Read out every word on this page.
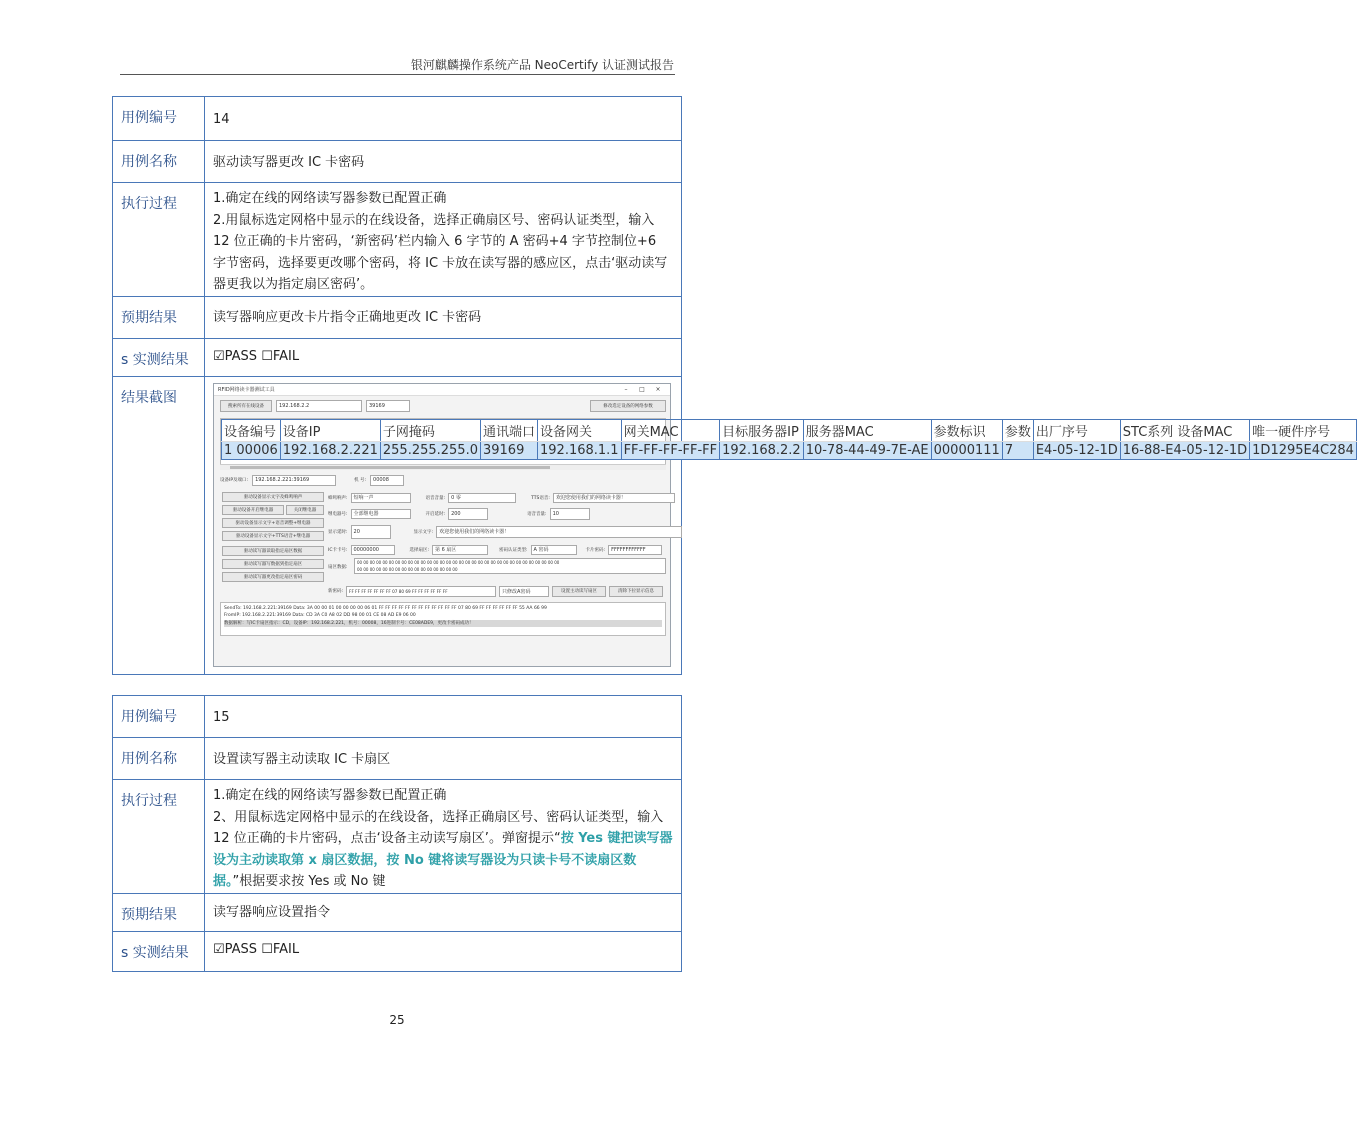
银河麒麟操作系统产品 NeoCertify 认证测试报告
用例编号	14
用例名称	驱动读写器更改 IC 卡密码
执行过程	1.确定在线的网络读写器参数已配置正确
2.用鼠标选定网格中显示的在线设备，选择正确扇区号、密码认证类型，输入 12 位正确的卡片密码，‘新密码’栏内输入 6 字节的 A 密码+4 字节控制位+6 字节密码，选择要更改哪个密码，将 IC 卡放在读写器的感应区，点击‘驱动读写器更我以为指定扇区密码’。

预期结果	读写器响应更改卡片指令正确地更改 IC 卡密码
s 实测结果	☑PASS ☐FAIL
结果截图	RFID网络读卡器测试工具	–	□	×
搜索所有在线设备	192.168.2.2	39169	修改选定设备的网络参数
设备编号	设备IP	子网掩码	通讯端口	设备网关	网关MAC	目标服务器IP	服务器MAC	参数标识	参数	出厂序号	STC系列 设备MAC	唯一硬件序号
1 00006	192.168.2.221	255.255.255.0	39169	192.168.1.1	FF-FF-FF-FF-FF	192.168.2.2	10-78-44-49-7E-AE	00000111	7	E4-05-12-1D	16-88-E4-05-12-1D	1D1295E4C284
设备IP及端口:	192.168.2.221:39169	机 号:	00008
驱动设备显示文字及蜂鸣响声
驱动设备开启继电器	关闭继电器
驱动设备显示文字+语音调整+继电器
驱动设备显示文字+TTS语音+继电器
驱动读写器读取指定扇区数据
驱动读写器写数据到指定扇区
驱动读写器更改指定扇区密码
蜂鸣响声:	短响一声	语音音量:	0 零	TTS语音:	欢迎您使用我们的网络读卡器！
继电器号:	全部继电器	开启延时:	200	语音音量:	10
显示延时:	20	显示文字:	欢迎您使用我们的网络读卡器！
IC卡卡号:	00000000	选择扇区:	第 6 扇区	密码认证类型:	A 密码	卡片密码:	FFFFFFFFFFFF
00 00 00 00 00 00 00 00 00 00 00 00 00 00 00 00 00 00 00 00 00 00 00 00 00 00 00 00 00 00 00 00
00 00 00 00 00 00 00 00 00 00 00 00 00 00 00 00
扇区数据:
新密码:	FF FF FF FF FF FF FF 07 80 69 FF FF FF FF FF FF	只修改A密码	设置主动读写扇区	清除下拉显示信息
SendTo: 192.168.2.221:39169 Data: 3A 00 00 01 00 00 00 00 06 01 FF FF FF FF FF FF FF FF FF FF FF FF 07 80 69 FF FF FF FF FF FF 55 AA 66 99
FromIP: 192.168.2.221:39169 Data: CD 3A C0 A8 02 DD 98 00 01 CE 08 AD E9 06 00
数据解析：写IC卡扇区指示：CD，设备IP：192.168.2.221，机号：00008，16进制卡号：CE08ADE9，更改卡密码成功！
用例编号	15
用例名称	设置读写器主动读取 IC 卡扇区
执行过程	1.确定在线的网络读写器参数已配置正确
2、用鼠标选定网格中显示的在线设备，选择正确扇区号、密码认证类型，输入 12 位正确的卡片密码，点击‘设备主动读写扇区’。弹窗提示“按 Yes 键把读写器设为主动读取第 x 扇区数据，按 No 键将读写器设为只读卡号不读扇区数据。”根据要求按 Yes 或 No 键

预期结果	读写器响应设置指令
s 实测结果	☑PASS ☐FAIL
25
